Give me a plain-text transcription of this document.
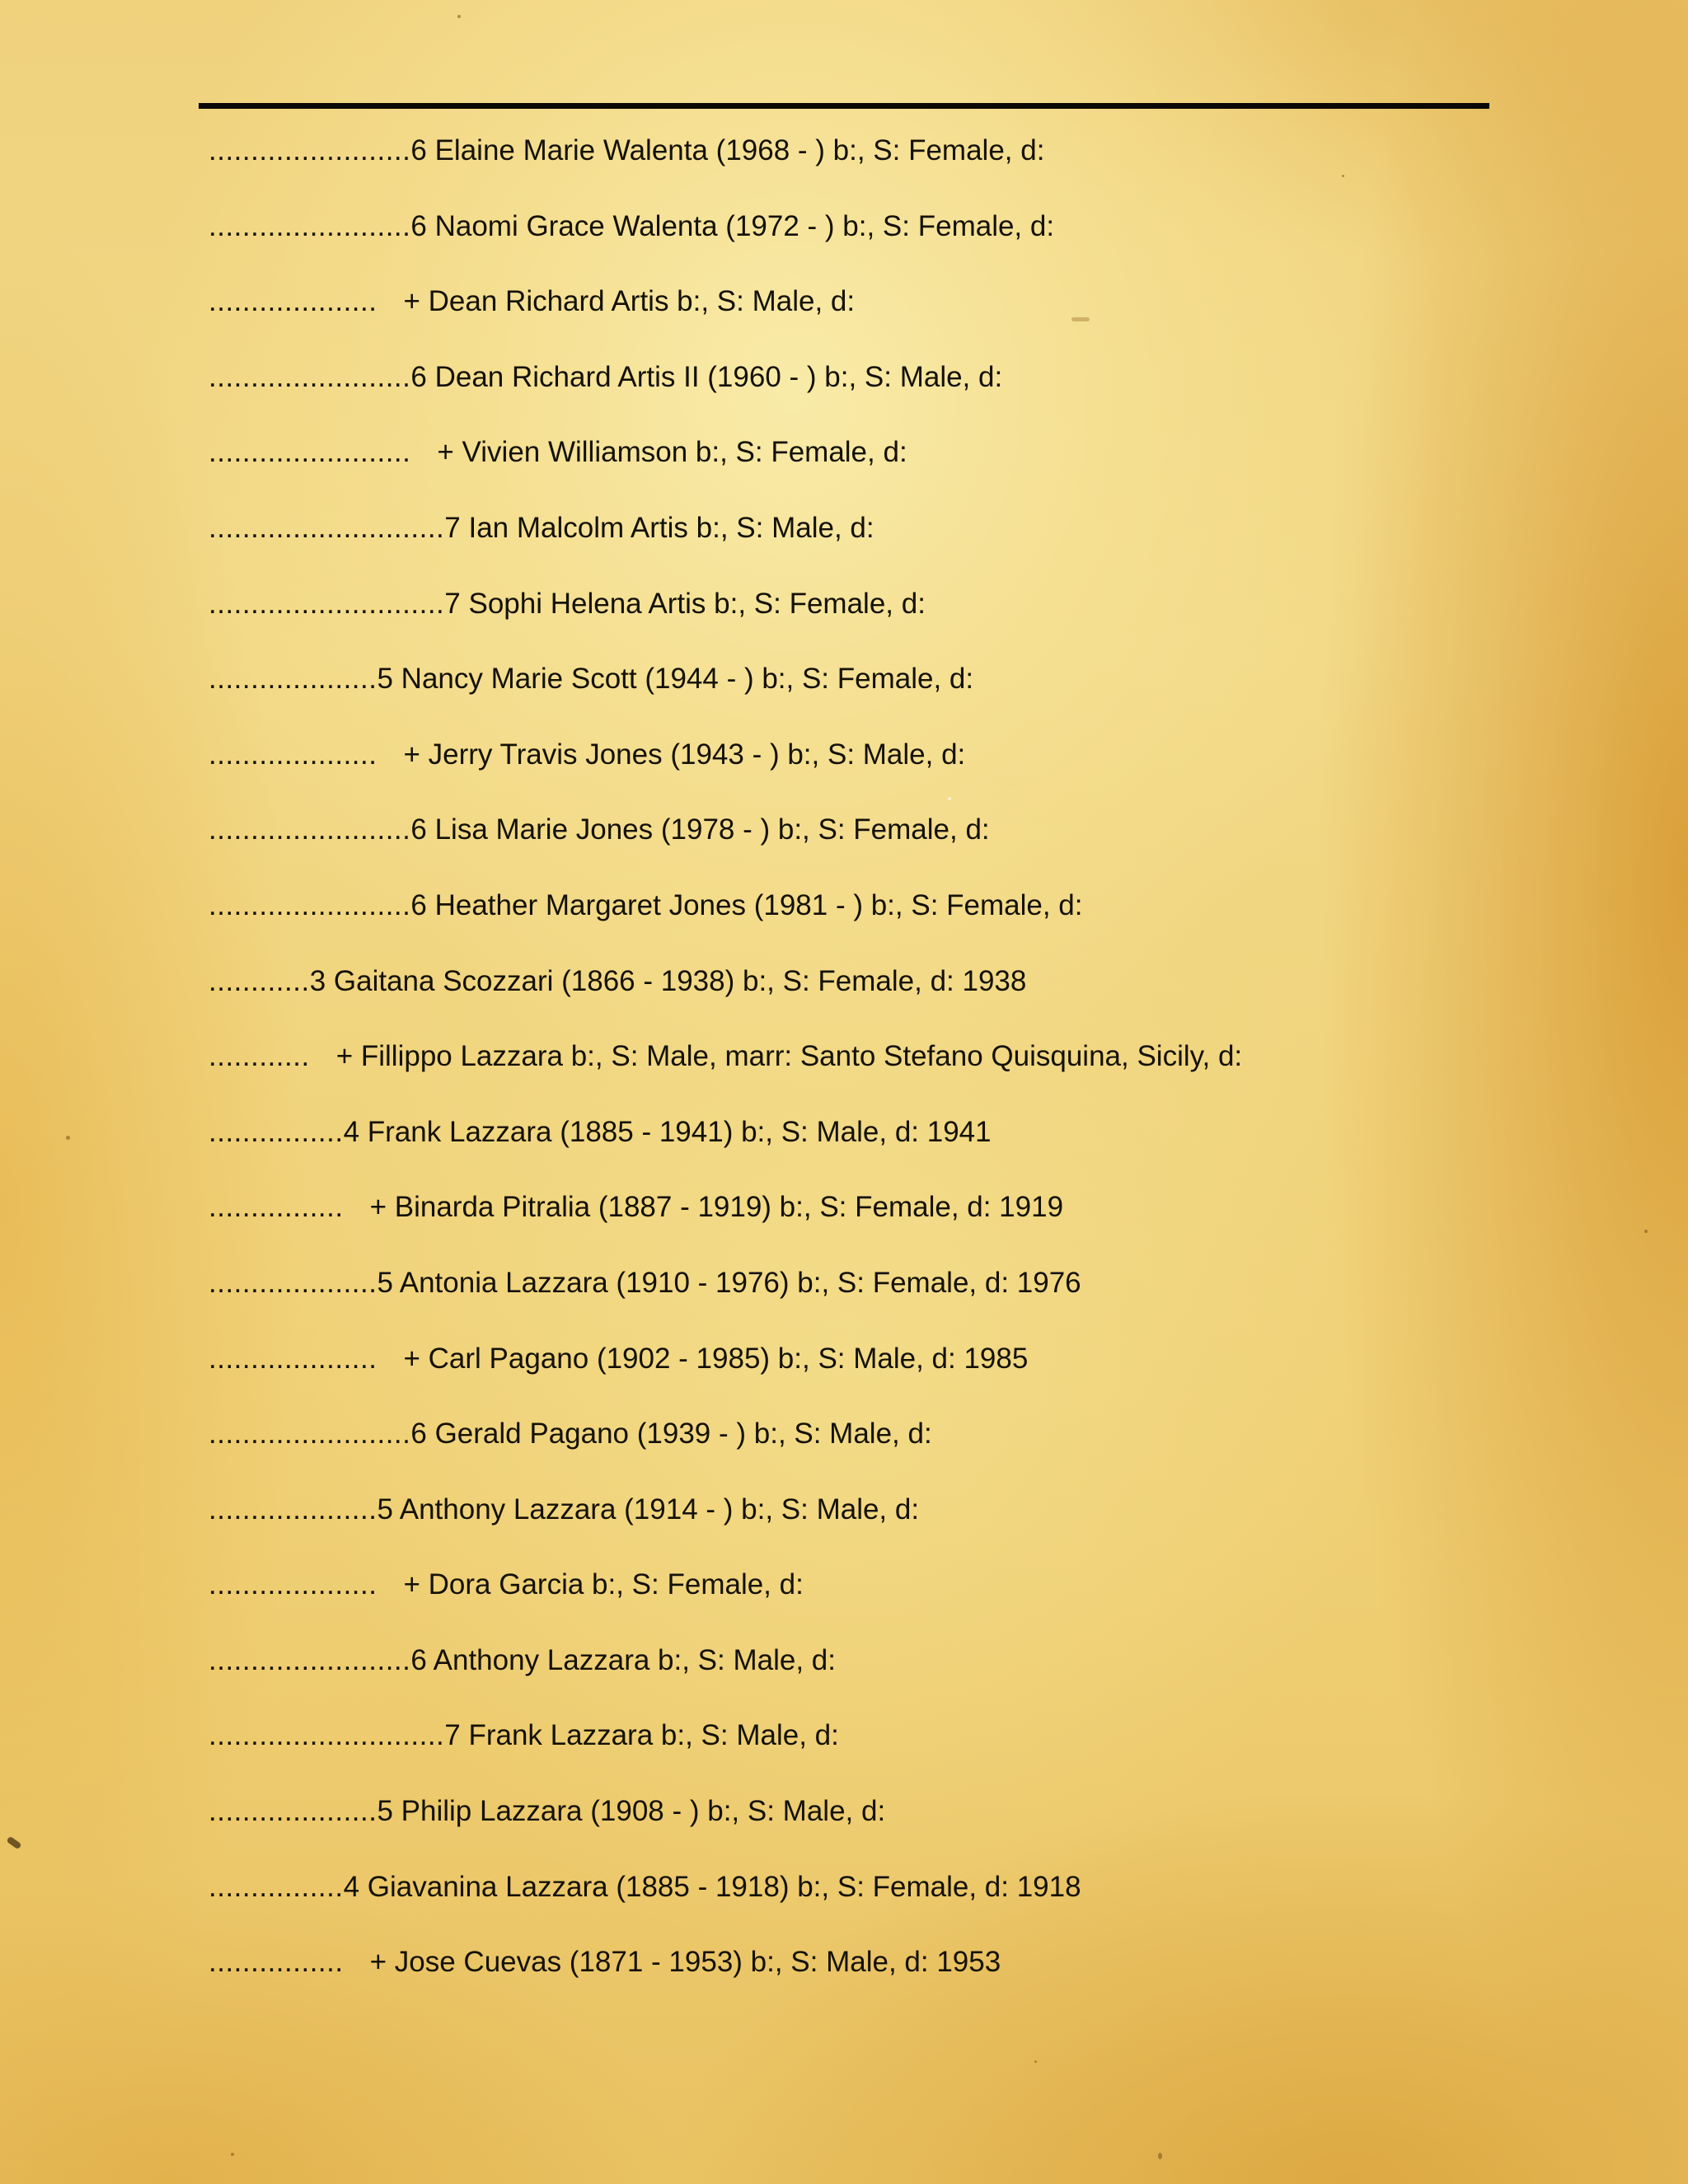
........................ 6 Elaine Marie Walenta (1968 - ) b:, S: Female, d:
........................ 6 Naomi Grace Walenta (1972 - ) b:, S: Female, d:
.................... + Dean Richard Artis b:, S: Male, d:
........................ 6 Dean Richard Artis II (1960 - ) b:, S: Male, d:
........................ + Vivien Williamson b:, S: Female, d:
............................ 7 Ian Malcolm Artis b:, S: Male, d:
............................ 7 Sophi Helena Artis b:, S: Female, d:
.................... 5 Nancy Marie Scott (1944 - ) b:, S: Female, d:
.................... + Jerry Travis Jones (1943 - ) b:, S: Male, d:
........................ 6 Lisa Marie Jones (1978 - ) b:, S: Female, d:
........................ 6 Heather Margaret Jones (1981 - ) b:, S: Female, d:
............ 3 Gaitana Scozzari (1866 - 1938) b:, S: Female, d: 1938
............ + Fillippo Lazzara b:, S: Male, marr: Santo Stefano Quisquina, Sicily, d:
................ 4 Frank Lazzara (1885 - 1941) b:, S: Male, d: 1941
................ + Binarda Pitralia (1887 - 1919) b:, S: Female, d: 1919
.................... 5 Antonia Lazzara (1910 - 1976) b:, S: Female, d: 1976
.................... + Carl Pagano (1902 - 1985) b:, S: Male, d: 1985
........................ 6 Gerald Pagano (1939 - ) b:, S: Male, d:
.................... 5 Anthony Lazzara (1914 - ) b:, S: Male, d:
.................... + Dora Garcia b:, S: Female, d:
........................ 6 Anthony Lazzara b:, S: Male, d:
............................ 7 Frank Lazzara b:, S: Male, d:
.................... 5 Philip Lazzara (1908 - ) b:, S: Male, d:
................ 4 Giavanina Lazzara (1885 - 1918) b:, S: Female, d: 1918
................ + Jose Cuevas (1871 - 1953) b:, S: Male, d: 1953
